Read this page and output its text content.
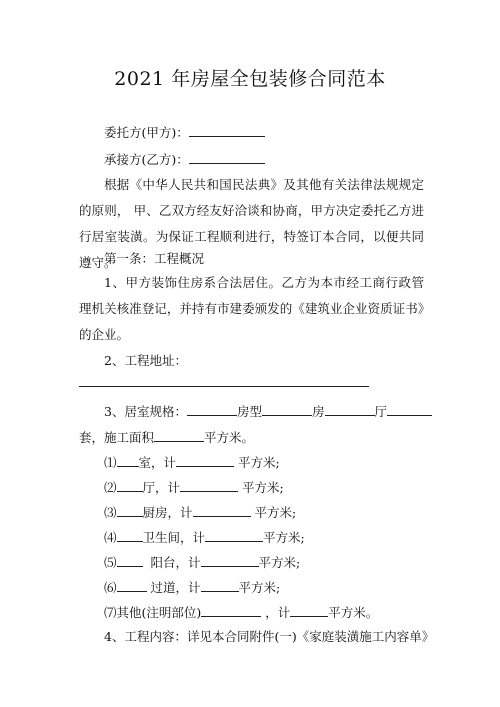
2021 年房屋全包装修合同范本
委托方(甲方)：
承接方(乙方)：
根据《中华人民共和国民法典》及其他有关法律法规规定的原则， 甲、乙双方经友好洽谈和协商，甲方决定委托乙方进行居室装潢。为保证工程顺利进行，特签订本合同，以便共同遵守。
第一条：工程概况
1、甲方装饰住房系合法居住。乙方为本市经工商行政管理机关核准登记，并持有市建委颁发的《建筑业企业资质证书》的企业。
2、工程地址：
3、居室规格：	房型	房	厅
套，施工面积	平方米。
⑴ 室，计	平方米;
⑵ 厅，计	平方米;
⑶ 厨房，计	平方米;
⑷ 卫生间，计	平方米;
⑸	阳台，计	平方米;
⑹	过道，计	平方米;
⑺其他(注明部位)	，计	平方米。
4、工程内容：详见本合同附件(一)《家庭装潢施工内容单》
